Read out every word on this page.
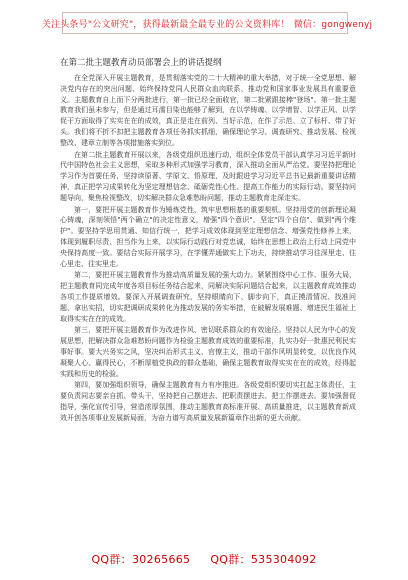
关注头条号"公文研究"，获得最新最全最专业的公文资料库！ 微信：gongwenyj
在第二批主题教育动员部署会上的讲话提纲

在全党深入开展主题教育，是贯彻落实党的二十大精神的重大举措，对于统一全党思想、解决党内存在的突出问题、始终保持党同人民群众血肉联系、推动党和国家事业发展具有重要意义。主题教育自上而下分两批进行，第一批已经全面收官，第二批紧跟接棒"登场"。第一批主题教育我们虽未参与，但是通过耳濡目染也能够了解到，在以学铸魂、以学增智、以学正风、以学促干方面取得了实实在在的成效，真正是走在前列、当好示范，在作了示范、立了标杆、带了好头。我们将不折不扣把主题教育各项任务抓实抓细，确保理论学习、调查研究、推动发展、检视整改、建章立制等各项措施落实到位。

在第二批主题教育开展以来，各级党组织迅速行动，组织全体党员干部认真学习习近平新时代中国特色社会主义思想，采取多种形式加强学习教育，深入推动全面从严治党。要坚持把理论学习作为首要任务，坚持读原著、学原文、悟原理，及时跟进学习习近平总书记最新重要讲话精神，真正把学习成果转化为坚定理想信念、砥砺党性心性、提高工作能力的实际行动。要坚持问题导向，聚焦检视整改，切实解决群众急难愁盼问题，推动主题教育走深走实。

第一，要把开展主题教育作为锤炼党性、筑牢思想根基的重要契机。坚持用党的创新理论凝心铸魂，深刻领悟"两个确立"的决定性意义，增强"四个意识"、坚定"四个自信"、做到"两个维护"。要坚持学思用贯通、知信行统一，把学习成效体现到坚定理想信念、增强党性修养上来，体现到履职尽责、担当作为上来，以实际行动践行对党忠诚，始终在思想上政治上行动上同党中央保持高度一致。要结合实际开展学习，在学懂弄通做实上下功夫，持续推动学习往深里走、往心里走、往实里走。

第二，要把开展主题教育作为推动高质量发展的强大动力。紧紧围绕中心工作、服务大局，把主题教育同完成年度各项目标任务结合起来，同解决实际问题结合起来，以主题教育成效推动各项工作提质增效。要深入开展调查研究，坚持眼睛向下、脚步向下，真正摸清情况、找准问题、拿出实招，切实把调研成果转化为推动发展的务实举措，在破解发展难题、增进民生福祉上取得实实在在的成效。

第三，要把开展主题教育作为改进作风、密切联系群众的有效途径。坚持以人民为中心的发展思想，把解决群众急难愁盼问题作为检验主题教育成效的重要标准，扎实办好一批惠民利民实事好事。要大兴务实之风，坚决纠治形式主义、官僚主义，推动干部作风明显转变，以优良作风凝聚人心、赢得民心，不断厚植党执政的群众基础，确保主题教育取得实实在在的成效，经得起实践和历史的检验。

第四，要加强组织领导，确保主题教育有力有序推进。各级党组织要切实扛起主体责任，主要负责同志要亲自抓、带头干，坚持把自己摆进去、把职责摆进去、把工作摆进去。要加强督促指导，强化宣传引导，营造浓厚氛围，推动主题教育高标准开展、高质量推进，以主题教育新成效开创各项事业发展新局面，为奋力谱写高质量发展新篇章作出新的更大贡献。

QQ群：30265665 QQ群：535304092
